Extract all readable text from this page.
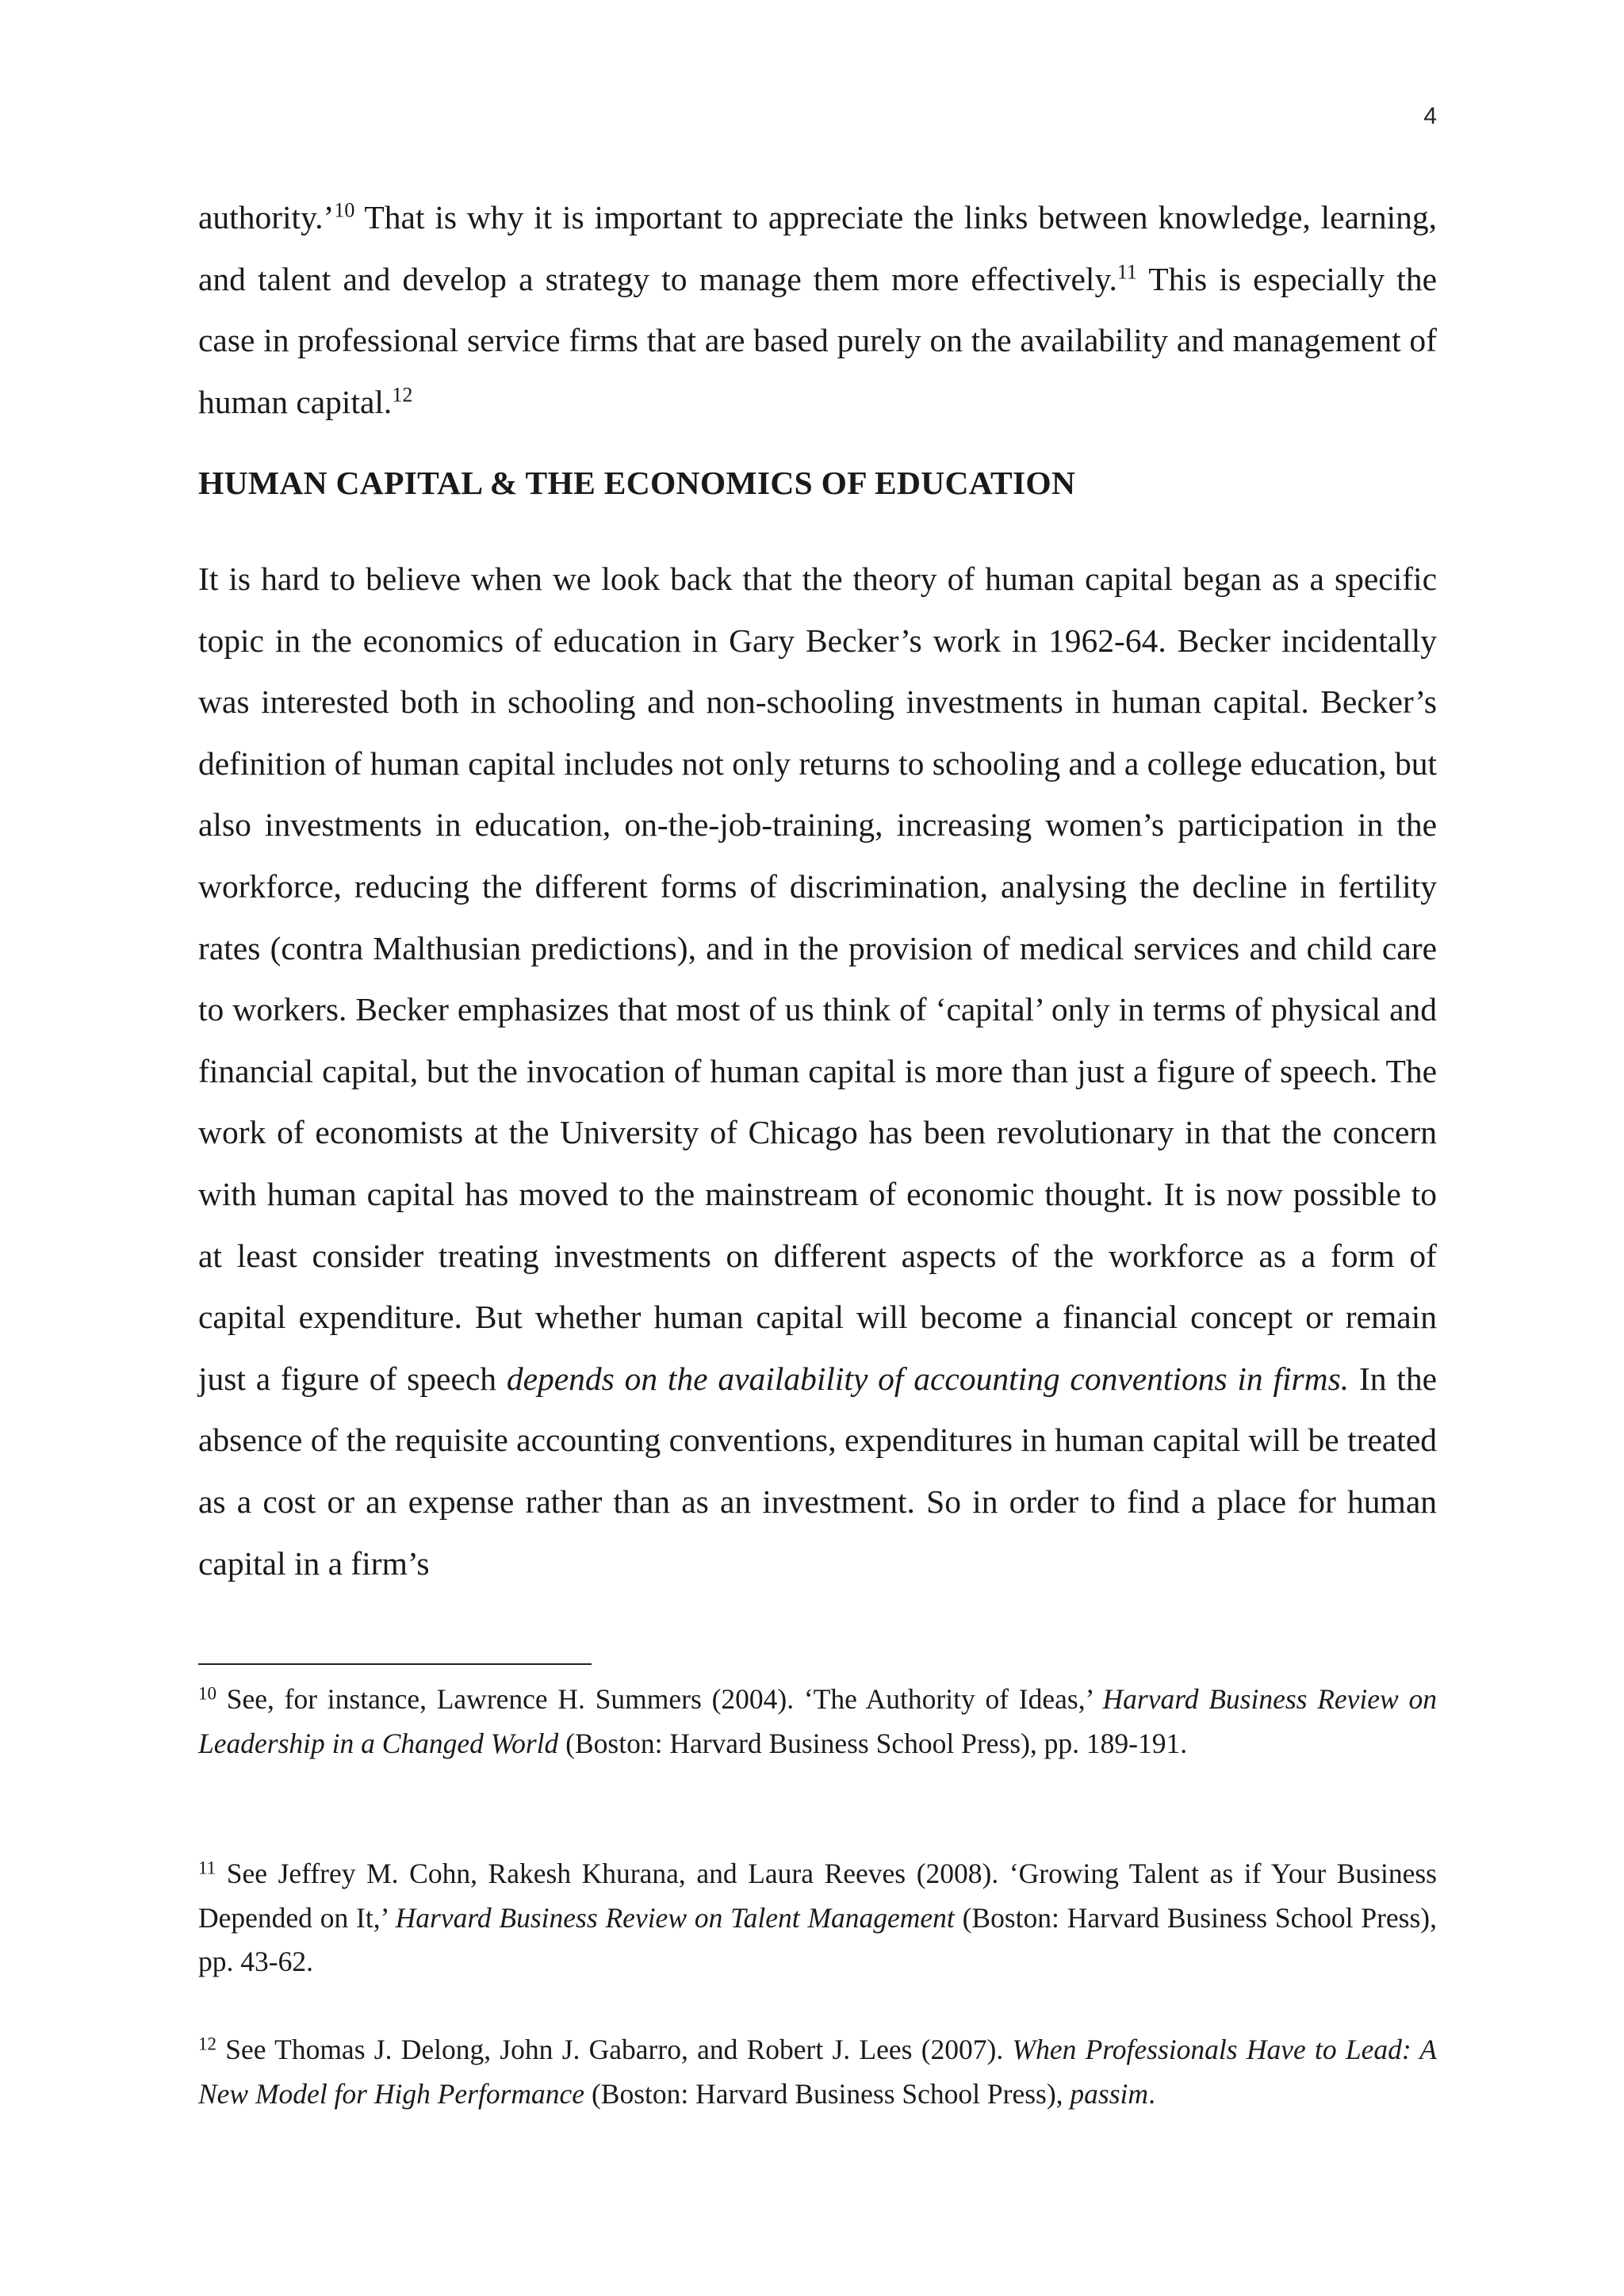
4
authority.’$^{10}$ That is why it is important to appreciate the links between knowledge, learning, and talent and develop a strategy to manage them more effectively.$^{11}$ This is especially the case in professional service firms that are based purely on the availability and management of human capital.$^{12}$
HUMAN CAPITAL & THE ECONOMICS OF EDUCATION
It is hard to believe when we look back that the theory of human capital began as a specific topic in the economics of education in Gary Becker’s work in 1962-64. Becker incidentally was interested both in schooling and non-schooling investments in human capital. Becker’s definition of human capital includes not only returns to schooling and a college education, but also investments in education, on-the-job-training, increasing women’s participation in the workforce, reducing the different forms of discrimination, analysing the decline in fertility rates (contra Malthusian predictions), and in the provision of medical services and child care to workers. Becker emphasizes that most of us think of ‘capital’ only in terms of physical and financial capital, but the invocation of human capital is more than just a figure of speech. The work of economists at the University of Chicago has been revolutionary in that the concern with human capital has moved to the mainstream of economic thought. It is now possible to at least consider treating investments on different aspects of the workforce as a form of capital expenditure. But whether human capital will become a financial concept or remain just a figure of speech depends on the availability of accounting conventions in firms. In the absence of the requisite accounting conventions, expenditures in human capital will be treated as a cost or an expense rather than as an investment. So in order to find a place for human capital in a firm’s
$^{10}$ See, for instance, Lawrence H. Summers (2004). ‘The Authority of Ideas,’ Harvard Business Review on Leadership in a Changed World (Boston: Harvard Business School Press), pp. 189-191.
$^{11}$ See Jeffrey M. Cohn, Rakesh Khurana, and Laura Reeves (2008). ‘Growing Talent as if Your Business Depended on It,’ Harvard Business Review on Talent Management (Boston: Harvard Business School Press), pp. 43-62.
$^{12}$ See Thomas J. Delong, John J. Gabarro, and Robert J. Lees (2007). When Professionals Have to Lead: A New Model for High Performance (Boston: Harvard Business School Press), passim.
